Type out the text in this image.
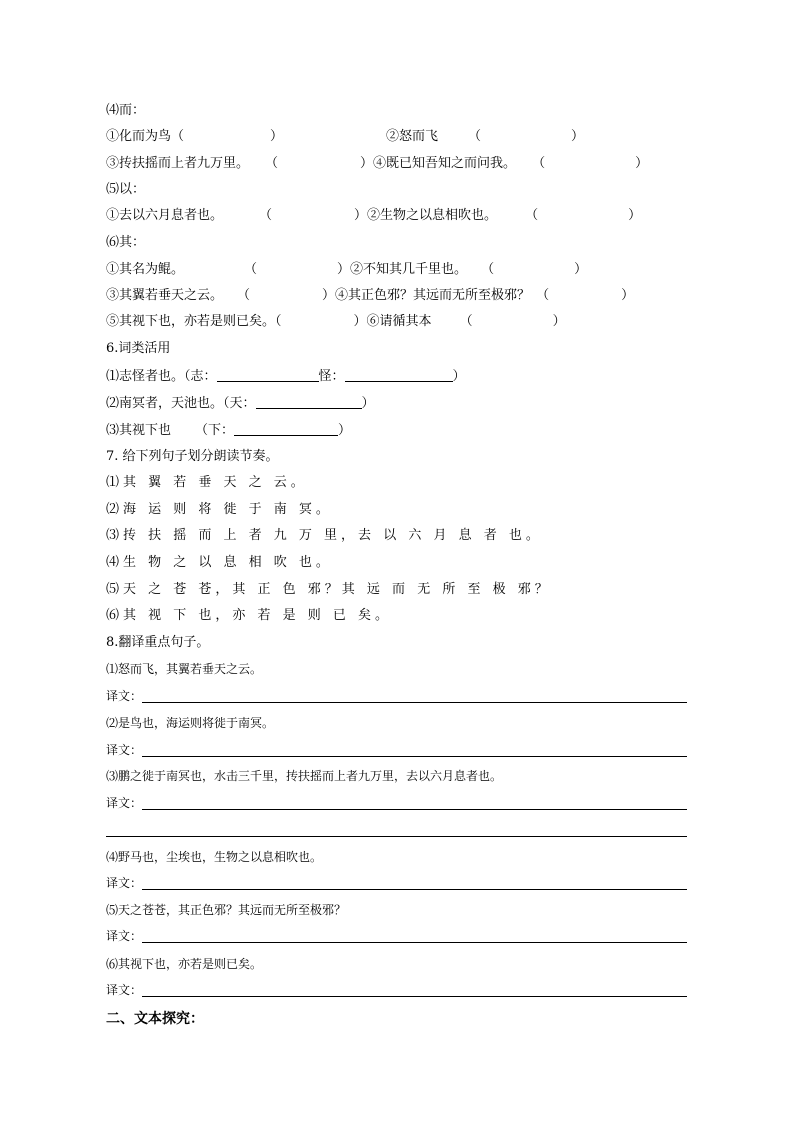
⑷而：
①化而为鸟（	）	②怒而飞 （	）
③抟扶摇而上者九万里。 （	）④既已知吾知之而问我。 （	）
⑸以：
①去以六月息者也。	（	）②生物之以息相吹也。 （	）
⑹其：
①其名为鲲。	（	）②不知其几千里也。 （	）
③其翼若垂天之云。 （	）④其正色邪？其远而无所至极邪？ （	）
⑤其视下也，亦若是则已矣。（	）⑥请循其本 （	）
6.词类活用
⑴志怪者也。（志：	怪：	）
⑵南冥者，天池也。（天：	）
⑶其视下也 （下：	）
7. 给下列句子划分朗读节奏。
⑴其 翼 若 垂 天 之 云。
⑵海 运 则 将 徙 于 南 冥。
⑶抟 扶 摇 而 上 者 九 万 里，去 以 六 月 息 者 也。
⑷生 物 之 以 息 相 吹 也。
⑸天 之 苍 苍，其 正 色 邪？其 远 而 无 所 至 极 邪？
⑹其 视 下 也，亦 若 是 则 已 矣。
8.翻译重点句子。
⑴怒而飞，其翼若垂天之云。
译文：
⑵是鸟也，海运则将徙于南冥。
译文：
⑶鹏之徙于南冥也，水击三千里，抟扶摇而上者九万里，去以六月息者也。
译文：
⑷野马也，尘埃也，生物之以息相吹也。
译文：
⑸天之苍苍，其正色邪？其远而无所至极邪？
译文：
⑹其视下也，亦若是则已矣。
译文：
二、文本探究：
